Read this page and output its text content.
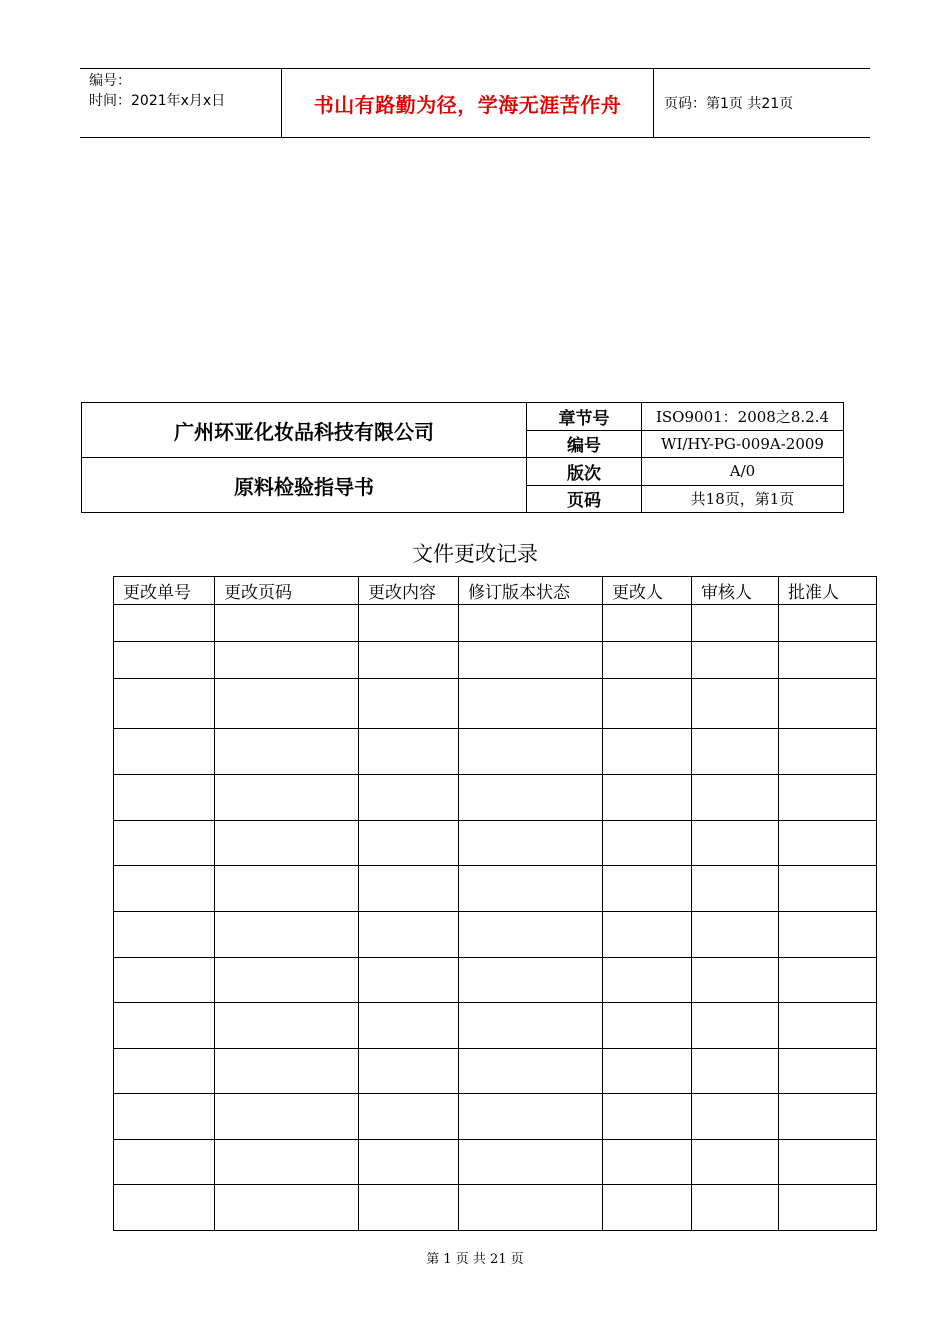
编号：
时间：2021年x月x日	书山有路勤为径，学海无涯苦作舟	页码：第1页 共21页
广州环亚化妆品科技有限公司	章节号	ISO9001：2008之8.2.4
	编号	WI/HY-PG-009A-2009
原料检验指导书	版次	A/0
	页码	共18页，第1页
文件更改记录
更改单号	更改页码	更改内容	修订版本状态	更改人	审核人	批准人

第 1 页 共 21 页
